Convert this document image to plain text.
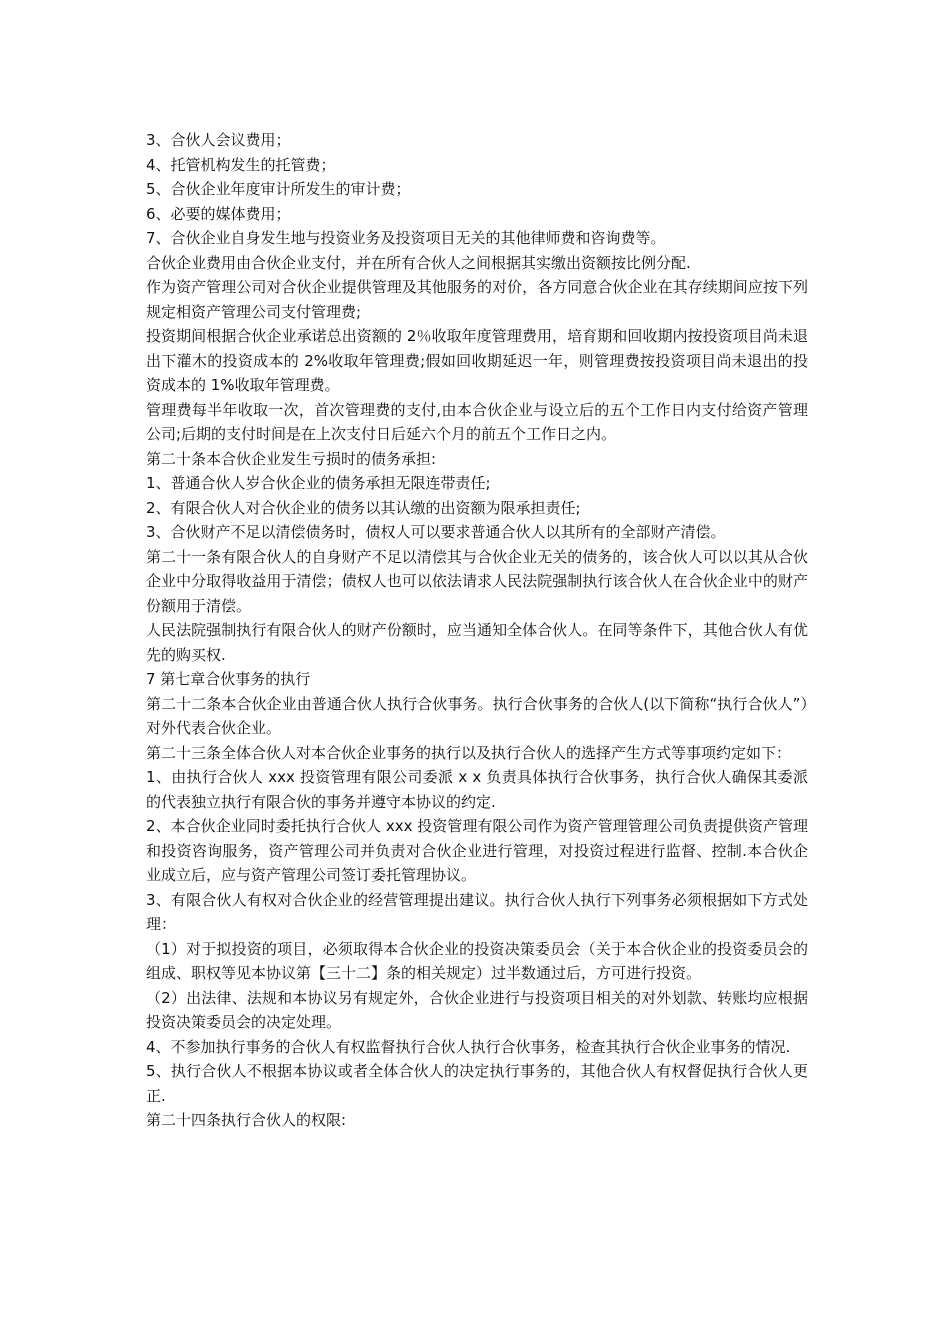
3、合伙人会议费用；

4、托管机构发生的托管费；

5、合伙企业年度审计所发生的审计费；

6、必要的媒体费用；

7、合伙企业自身发生地与投资业务及投资项目无关的其他律师费和咨询费等。

合伙企业费用由合伙企业支付，并在所有合伙人之间根据其实缴出资额按比例分配.

作为资产管理公司对合伙企业提供管理及其他服务的对价，各方同意合伙企业在其存续期间应按下列规定相资产管理公司支付管理费;

投资期间根据合伙企业承诺总出资额的 2％收取年度管理费用，培育期和回收期内按投资项目尚未退出下灌木的投资成本的 2%收取年管理费;假如回收期延迟一年，则管理费按投资项目尚未退出的投资成本的 1%收取年管理费。

管理费每半年收取一次，首次管理费的支付,由本合伙企业与设立后的五个工作日内支付给资产管理公司;后期的支付时间是在上次支付日后延六个月的前五个工作日之内。

第二十条本合伙企业发生亏损时的债务承担:

1、普通合伙人岁合伙企业的债务承担无限连带责任;

2、有限合伙人对合伙企业的债务以其认缴的出资额为限承担责任;

3、合伙财产不足以清偿债务时，债权人可以要求普通合伙人以其所有的全部财产清偿。

第二十一条有限合伙人的自身财产不足以清偿其与合伙企业无关的债务的，该合伙人可以以其从合伙企业中分取得收益用于清偿；债权人也可以依法请求人民法院强制执行该合伙人在合伙企业中的财产份额用于清偿。

人民法院强制执行有限合伙人的财产份额时，应当通知全体合伙人。在同等条件下，其他合伙人有优先的购买权.

7 第七章合伙事务的执行

第二十二条本合伙企业由普通合伙人执行合伙事务。执行合伙事务的合伙人(以下简称“执行合伙人”）对外代表合伙企业。

第二十三条全体合伙人对本合伙企业事务的执行以及执行合伙人的选择产生方式等事项约定如下：

1、由执行合伙人 xxx 投资管理有限公司委派 x x 负责具体执行合伙事务，执行合伙人确保其委派的代表独立执行有限合伙的事务并遵守本协议的约定.

2、本合伙企业同时委托执行合伙人 xxx 投资管理有限公司作为资产管理管理公司负责提供资产管理和投资咨询服务，资产管理公司并负责对合伙企业进行管理，对投资过程进行监督、控制.本合伙企业成立后，应与资产管理公司签订委托管理协议。

3、有限合伙人有权对合伙企业的经营管理提出建议。执行合伙人执行下列事务必须根据如下方式处理：

（1）对于拟投资的项目，必须取得本合伙企业的投资决策委员会（关于本合伙企业的投资委员会的组成、职权等见本协议第【三十二】条的相关规定）过半数通过后，方可进行投资。

（2）出法律、法规和本协议另有规定外，合伙企业进行与投资项目相关的对外划款、转账均应根据投资决策委员会的决定处理。

4、不参加执行事务的合伙人有权监督执行合伙人执行合伙事务，检查其执行合伙企业事务的情况.

5、执行合伙人不根据本协议或者全体合伙人的决定执行事务的，其他合伙人有权督促执行合伙人更正.

第二十四条执行合伙人的权限:
